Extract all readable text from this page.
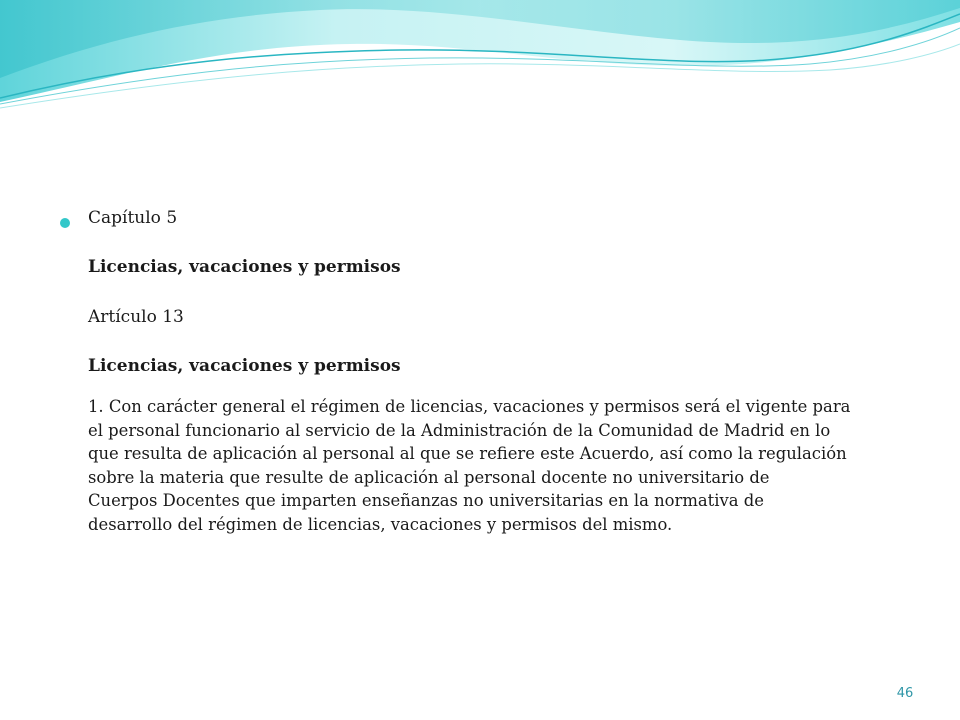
Capítulo 5

Licencias, vacaciones y permisos

Artículo 13

Licencias, vacaciones y permisos

1. Con carácter general el régimen de licencias, vacaciones y permisos será el vigente para
el personal funcionario al servicio de la Administración de la Comunidad de Madrid en lo
que resulta de aplicación al personal al que se refiere este Acuerdo, así como la regulación
sobre la materia que resulte de aplicación al personal docente no universitario de
Cuerpos Docentes que imparten enseñanzas no universitarias en la normativa de
desarrollo del régimen de licencias, vacaciones y permisos del mismo.
46
